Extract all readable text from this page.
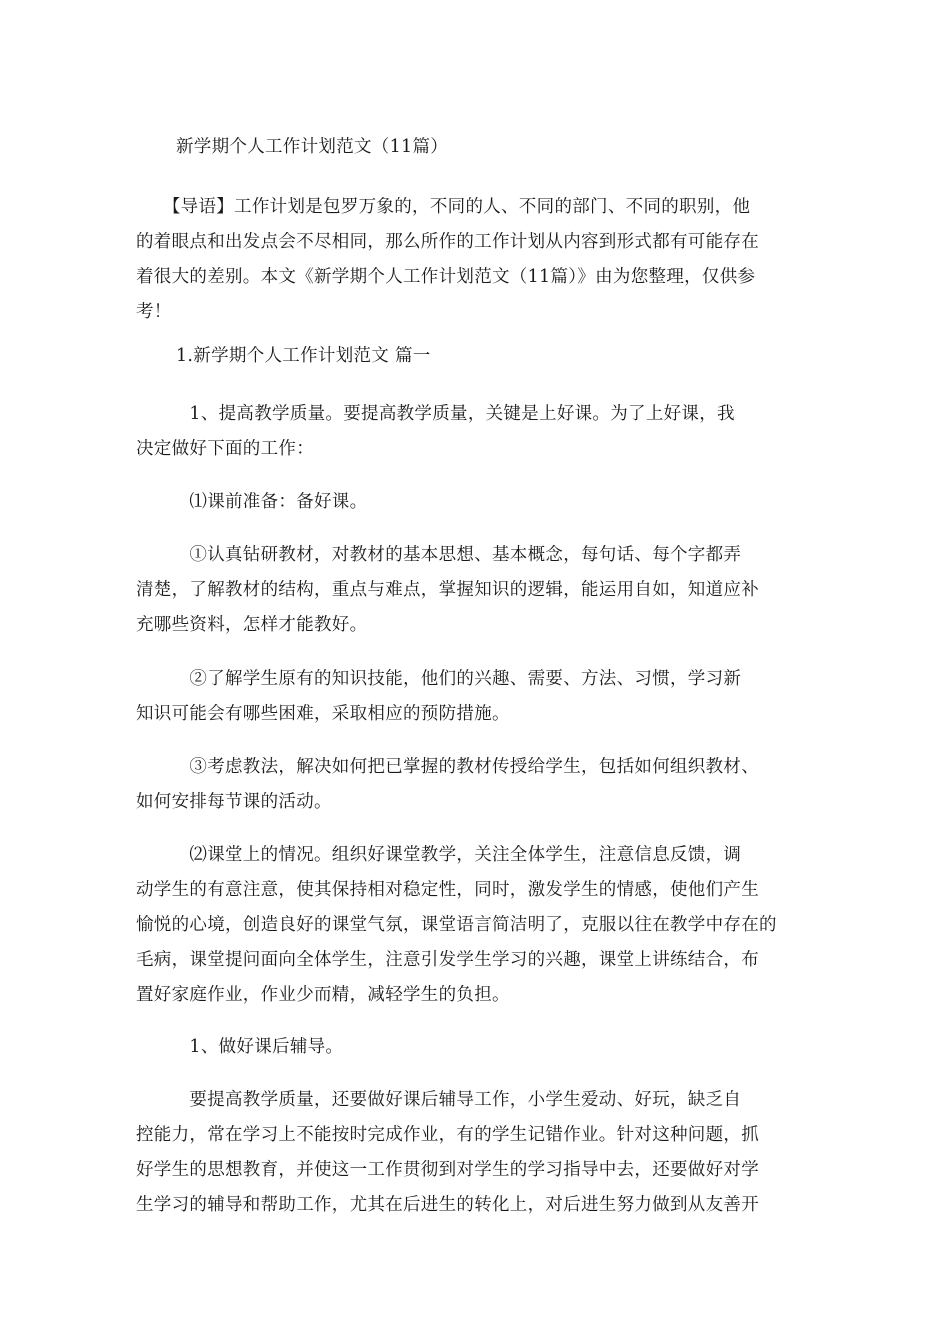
新学期个人工作计划范文（11篇）

　　【导语】工作计划是包罗万象的，不同的人、不同的部门、不同的职别，他

的着眼点和出发点会不尽相同，那么所作的工作计划从内容到形式都有可能存在

着很大的差别。本文《新学期个人工作计划范文（11篇）》由为您整理，仅供参

考！

1.新学期个人工作计划范文 篇一

　　　1、提高教学质量。要提高教学质量，关键是上好课。为了上好课，我

决定做好下面的工作：

　　　⑴课前准备：备好课。

　　　①认真钻研教材，对教材的基本思想、基本概念，每句话、每个字都弄

清楚，了解教材的结构，重点与难点，掌握知识的逻辑，能运用自如，知道应补

充哪些资料，怎样才能教好。

　　　②了解学生原有的知识技能，他们的兴趣、需要、方法、习惯，学习新

知识可能会有哪些困难，采取相应的预防措施。

　　　③考虑教法，解决如何把已掌握的教材传授给学生，包括如何组织教材、

如何安排每节课的活动。

　　　⑵课堂上的情况。组织好课堂教学，关注全体学生，注意信息反馈，调

动学生的有意注意，使其保持相对稳定性，同时，激发学生的情感，使他们产生

愉悦的心境，创造良好的课堂气氛，课堂语言简洁明了，克服以往在教学中存在的

毛病，课堂提问面向全体学生，注意引发学生学习的兴趣，课堂上讲练结合，布

置好家庭作业，作业少而精，减轻学生的负担。

　　　1、做好课后辅导。

　　　要提高教学质量，还要做好课后辅导工作，小学生爱动、好玩，缺乏自

控能力，常在学习上不能按时完成作业，有的学生记错作业。针对这种问题，抓

好学生的思想教育，并使这一工作贯彻到对学生的学习指导中去，还要做好对学

生学习的辅导和帮助工作，尤其在后进生的转化上，对后进生努力做到从友善开
